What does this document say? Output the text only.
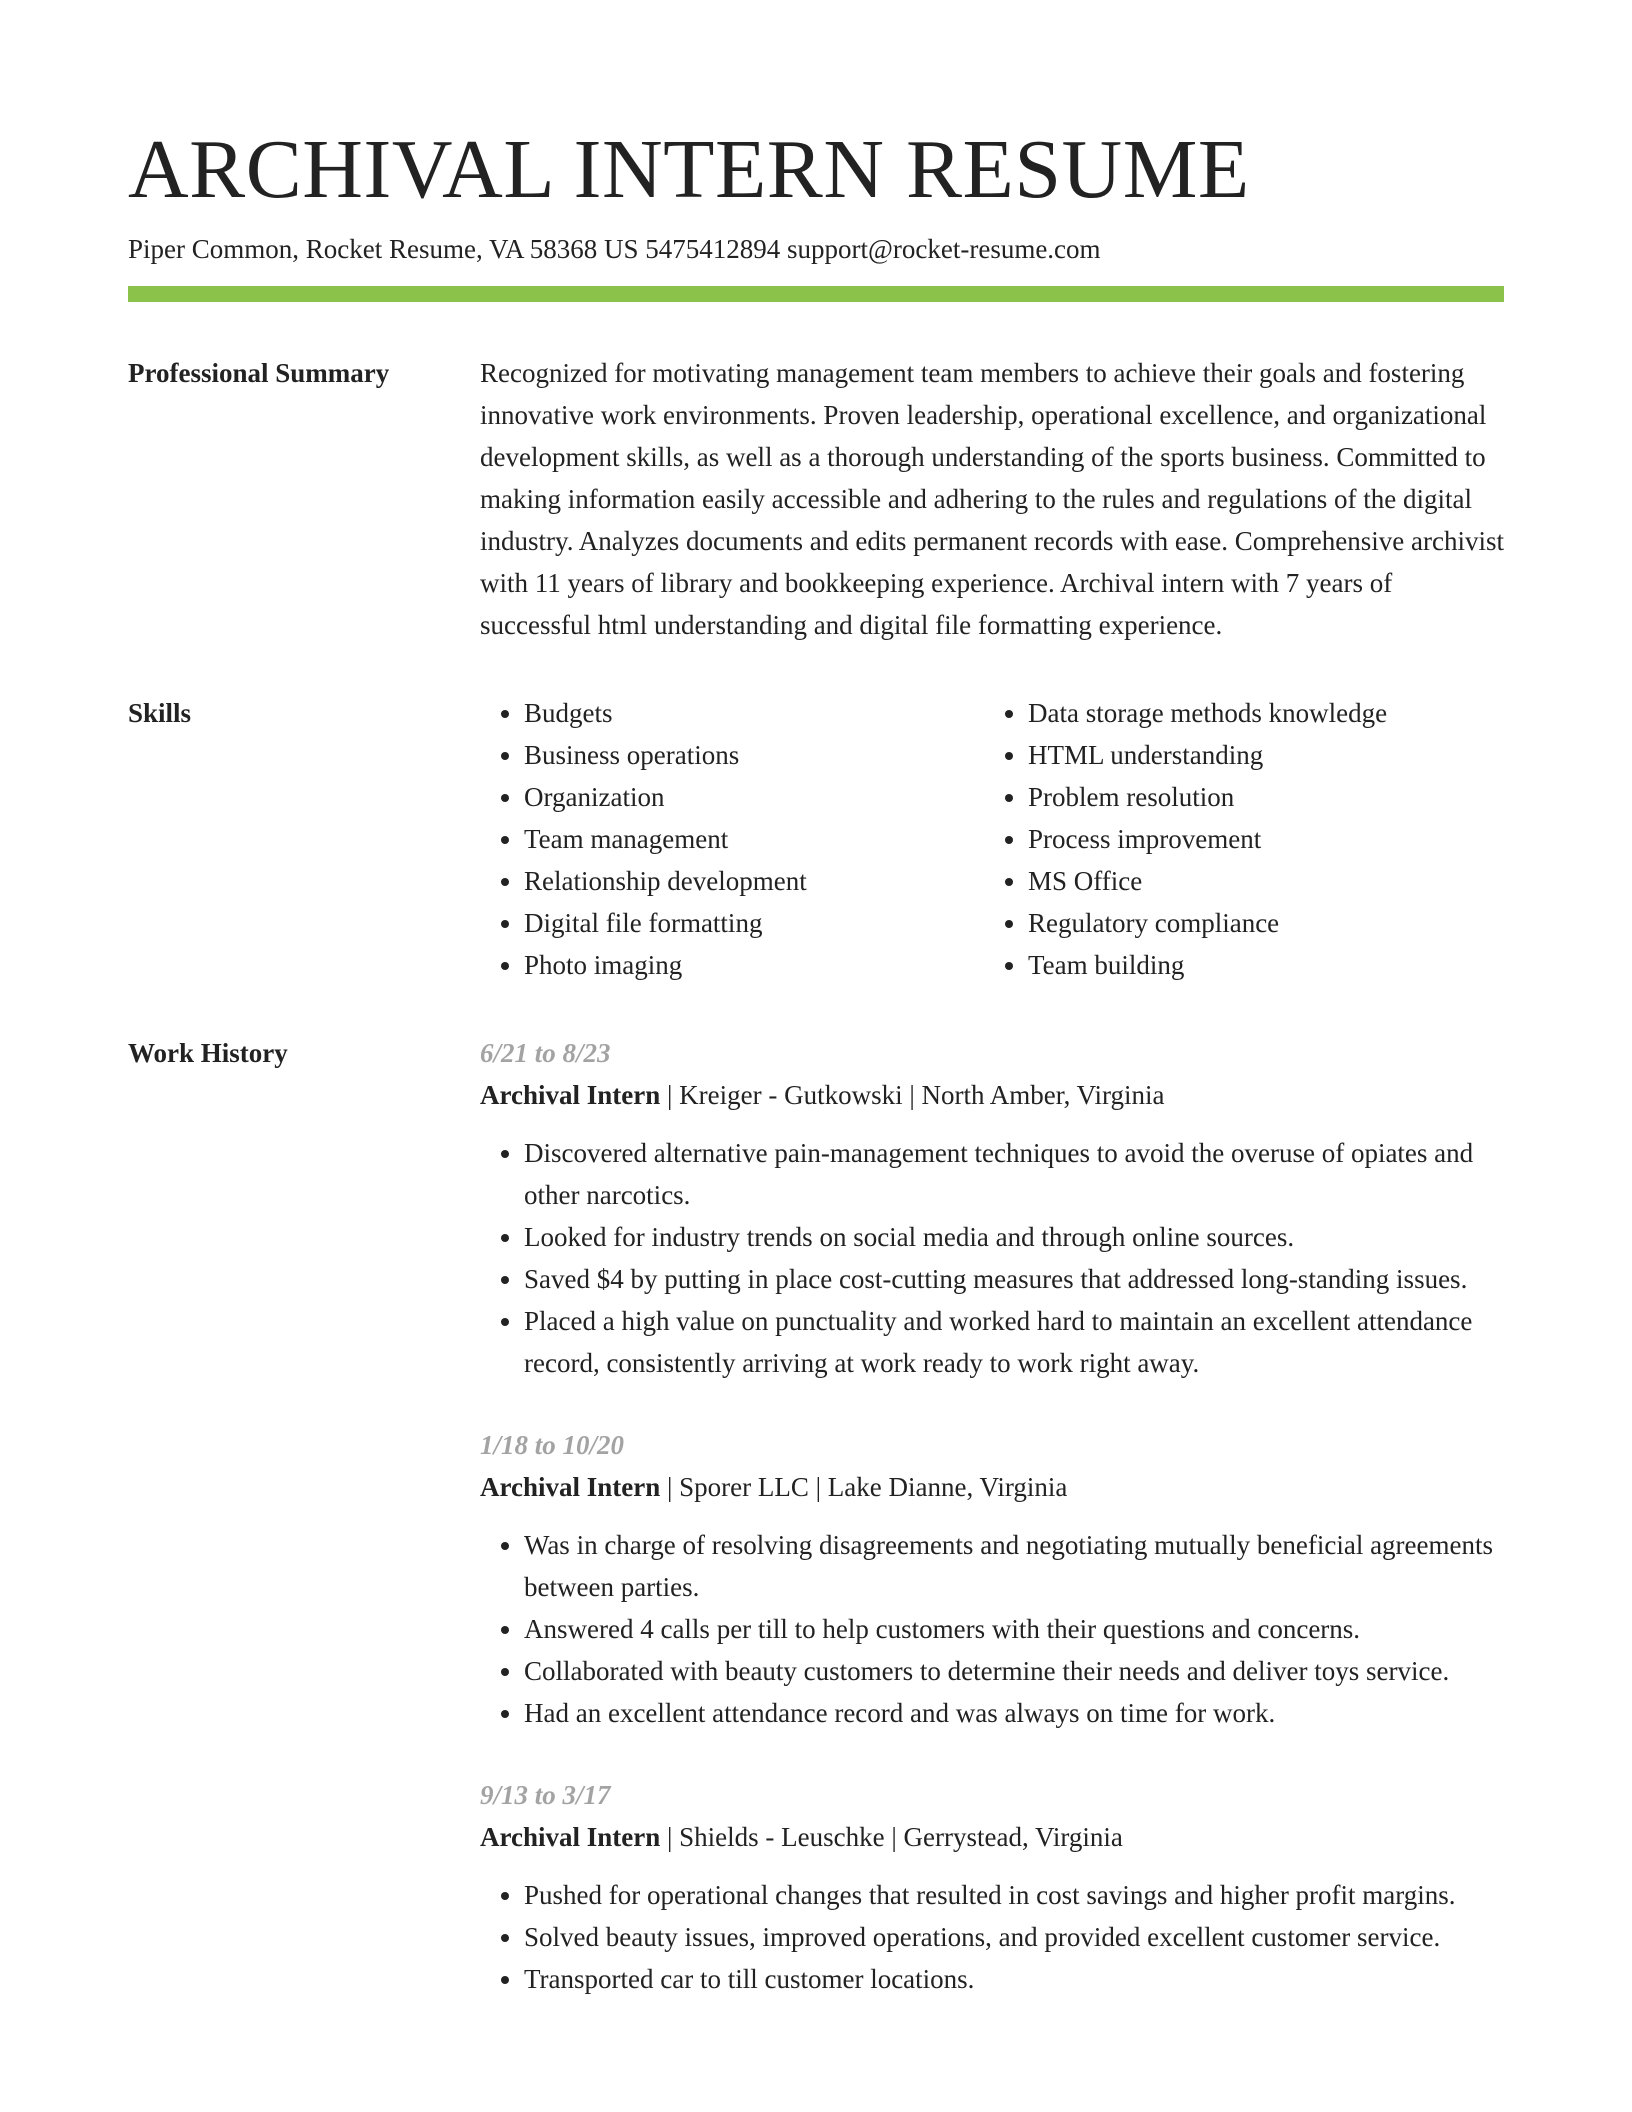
ARCHIVAL INTERN RESUME
Piper Common, Rocket Resume, VA 58368 US 5475412894 support@rocket-resume.com
Professional Summary	Recognized for motivating management team members to achieve their goals and fostering innovative work environments. Proven leadership, operational excellence, and organizational development skills, as well as a thorough understanding of the sports business. Committed to making information easily accessible and adhering to the rules and regulations of the digital industry. Analyzes documents and edits permanent records with ease. Comprehensive archivist with 11 years of library and bookkeeping experience. Archival intern with 7 years of successful html understanding and digital file formatting experience.

Skills
•	Budgets
• Business operations
• Organization
• Team management
• Relationship development
• Digital file formatting
• Photo imaging
• Data storage methods knowledge
• HTML understanding
• Problem resolution
• Process improvement
• MS Office
• Regulatory compliance
• Team building
Work History	6/21 to 8/23
Archival Intern | Kreiger - Gutkowski | North Amber, Virginia
• Discovered alternative pain-management techniques to avoid the overuse of opiates and other narcotics.
• Looked for industry trends on social media and through online sources.
• Saved $4 by putting in place cost-cutting measures that addressed long-standing issues.
• Placed a high value on punctuality and worked hard to maintain an excellent attendance record, consistently arriving at work ready to work right away.
1/18 to 10/20
Archival Intern | Sporer LLC | Lake Dianne, Virginia
• Was in charge of resolving disagreements and negotiating mutually beneficial agreements between parties.
• Answered 4 calls per till to help customers with their questions and concerns.
• Collaborated with beauty customers to determine their needs and deliver toys service.
• Had an excellent attendance record and was always on time for work.
9/13 to 3/17
Archival Intern | Shields - Leuschke | Gerrystead, Virginia
• Pushed for operational changes that resulted in cost savings and higher profit margins.
• Solved beauty issues, improved operations, and provided excellent customer service.
• Transported car to till customer locations.
